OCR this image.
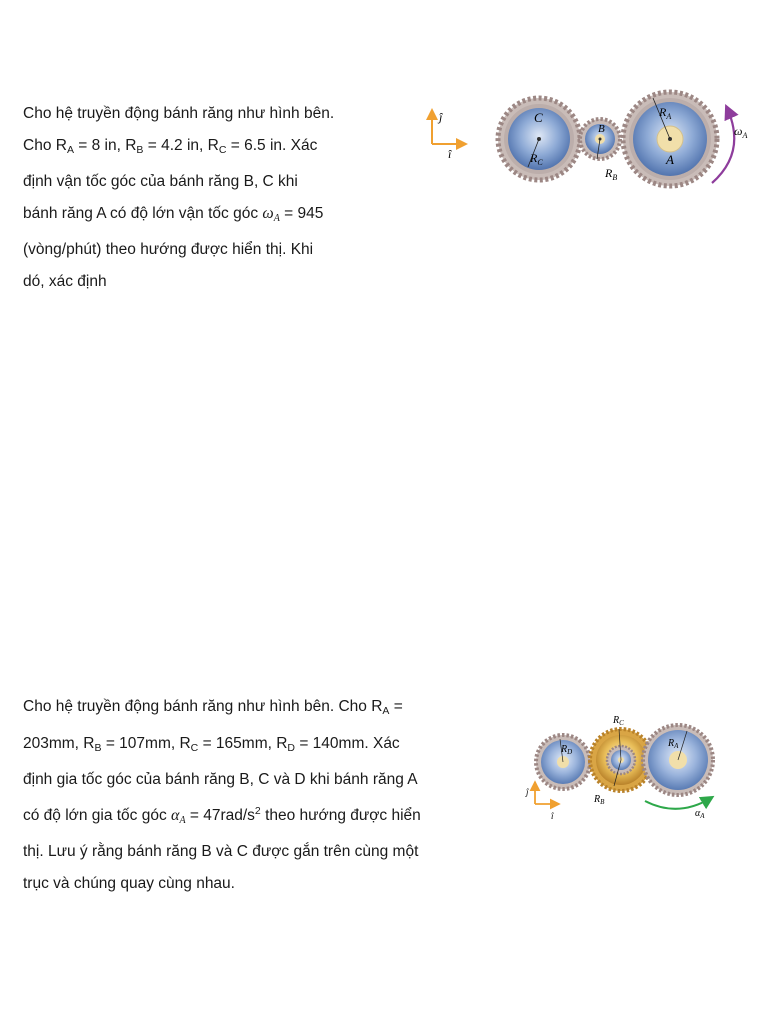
Cho hệ truyền động bánh răng như hình bên.
Cho $R_A = 8$ in, $R_B = 4.2$ in, $R_C = 6.5$ in. Xác
định vận tốc góc của bánh răng B, C khi
bánh răng A có độ lớn vận tốc góc ωA = 945
(vòng/phút) theo hướng được hiển thị. Khi
dó, xác định
ĵ
î
C
$R_C$
B
$R_B$
$R_A$
A
$\omega_A$
Cho hệ truyền động bánh răng như hình bên. Cho $R_A$ =
203mm, $R_B = 107mm$, $R_C = 165mm$, $R_D = 140mm$. Xác
định gia tốc góc của bánh răng B, C và D khi bánh răng A
có độ lớn gia tốc góc $\alpha A = 47rad/s^2$ theo hướng được hiển
thị. Lưu ý rằng bánh răng B và C được gắn trên cùng một
trục và chúng quay cùng nhau.
$R_D$
$R_C$
$R_B$
$R_A$
ĵ
î	$\alpha_A$
